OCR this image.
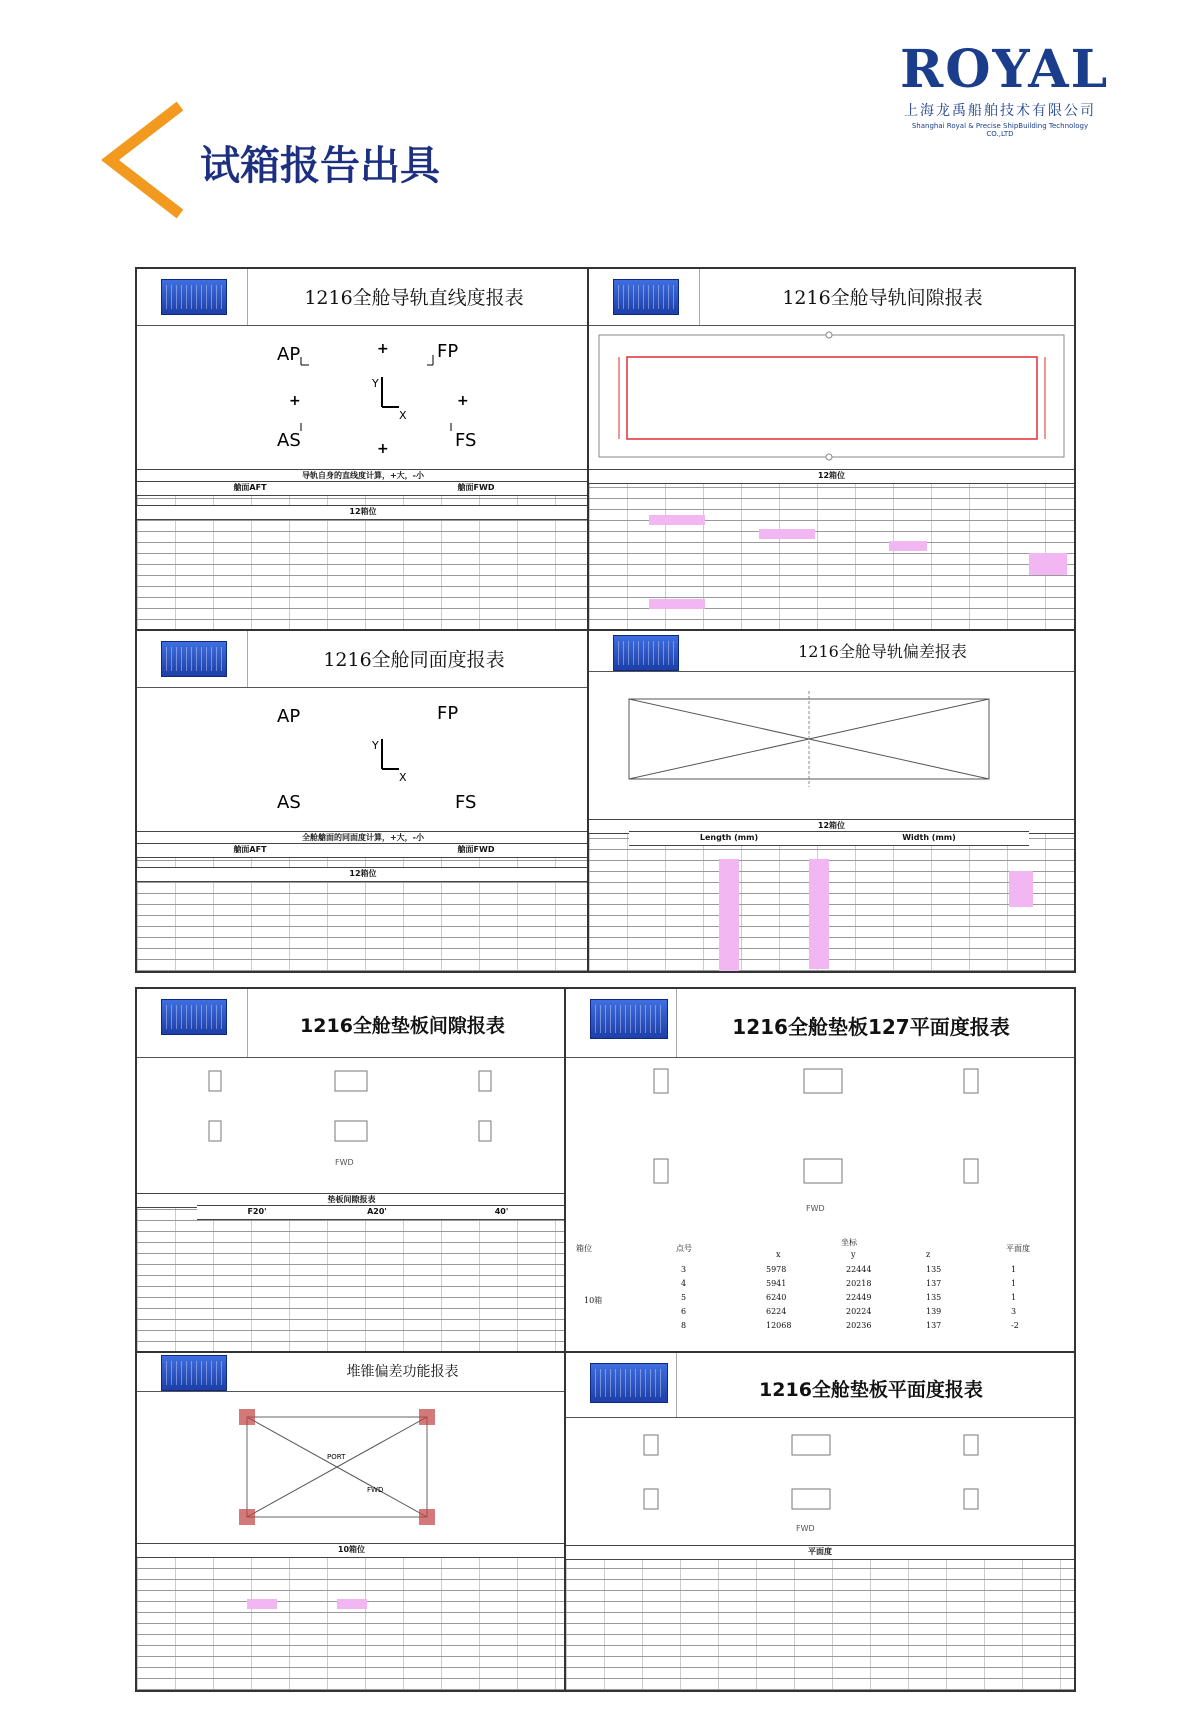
ROYAL
上海龙禹船舶技术有限公司
Shanghai Royal & Precise ShipBuilding Technology CO.,LTD
试箱报告出具
1216全舱导轨直线度报表
AP	FP
AS	FS
+
+
+	+
Y
X
导轨自身的直线度计算，+大，-小
艙面AFT	艙面FWD
12箱位
1216全舱导轨间隙报表
12箱位
1216全舱同面度报表
AP	FP
AS	FS
Y
X
全舱艙面的同面度计算，+大，-小
艙面AFT	艙面FWD
12箱位
1216全舱导轨偏差报表
12箱位
Length (mm)	Width (mm)
1216全舱垫板间隙报表
FWD
垫板间隙报表
F20'	A20'	40'
1216全舱垫板127平面度报表
FWD
箱位	点号
坐标
平面度
x	y	z
10箱
3	5978	22444	135	1
4	5941	20218	137	1
5	6240	22449	135	1
6	6224	20224	139	3
8	12068	20236	137	-2
堆锥偏差功能报表
PORT
FWD
10箱位
1216全舱垫板平面度报表
FWD
平面度
